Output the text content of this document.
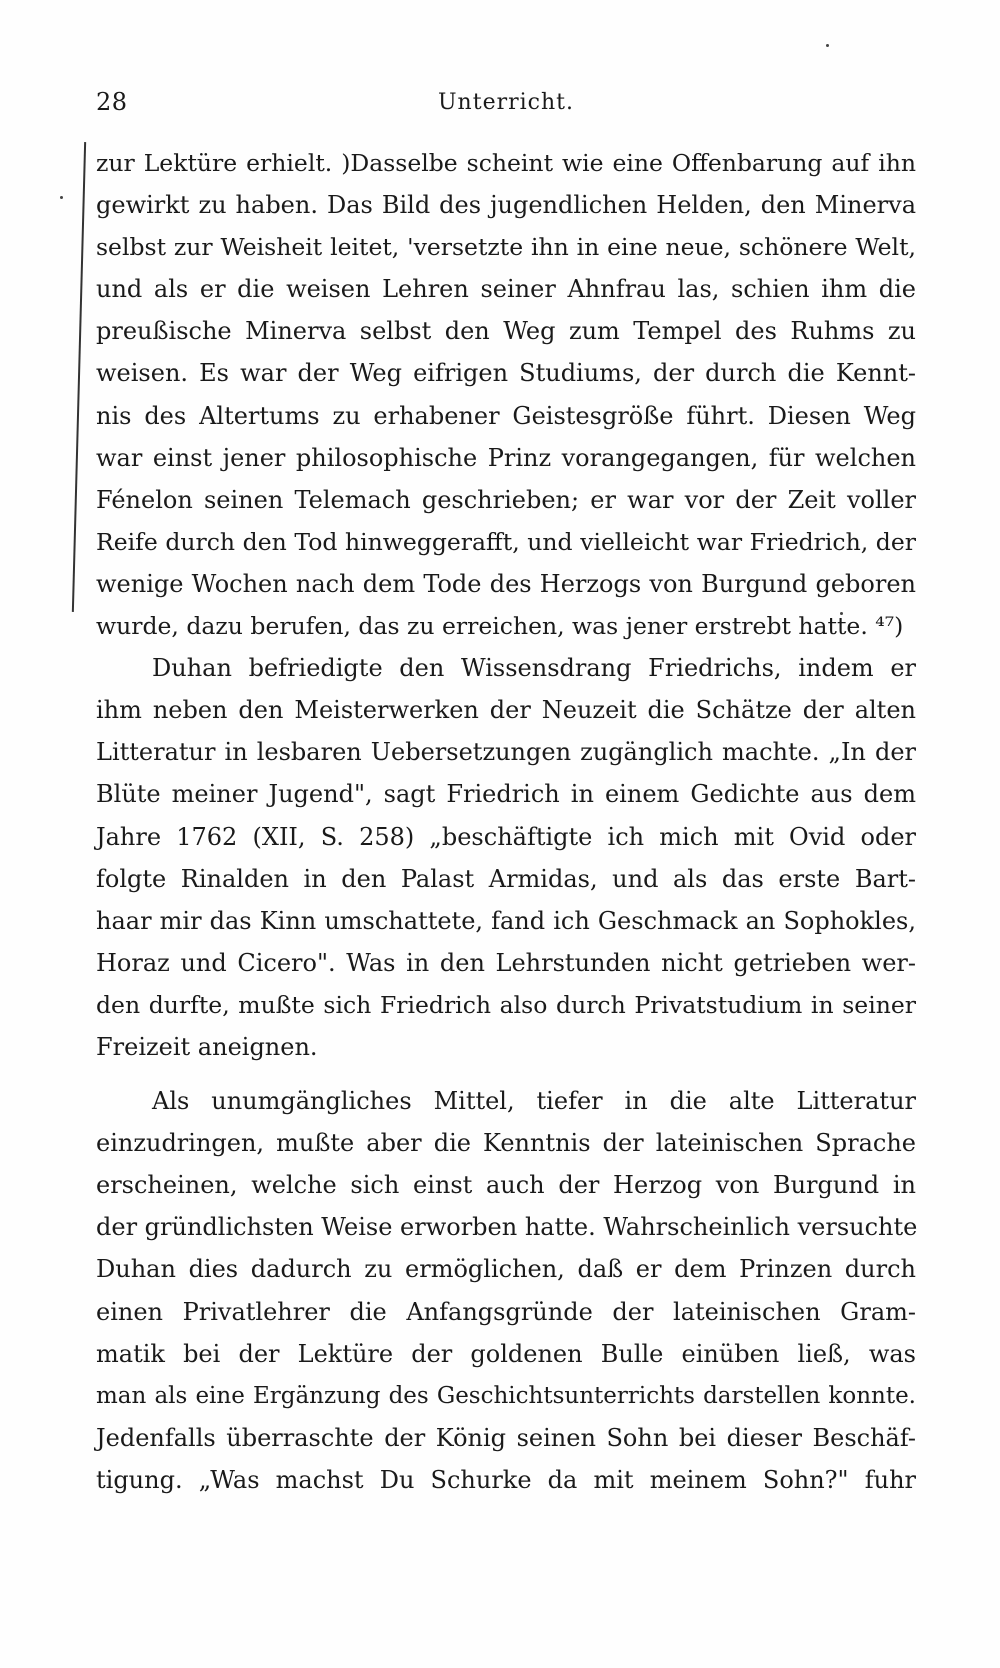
28	Unterricht.
zur Lektüre erhielt. )Dasselbe scheint wie eine Offenbarung auf ihn
gewirkt zu haben. Das Bild des jugendlichen Helden, den Minerva
selbst zur Weisheit leitet, 'versetzte ihn in eine neue, schönere Welt,
und als er die weisen Lehren seiner Ahnfrau las, schien ihm die
preußische Minerva selbst den Weg zum Tempel des Ruhms zu
weisen. Es war der Weg eifrigen Studiums, der durch die Kennt-
nis des Altertums zu erhabener Geistesgröße führt. Diesen Weg
war einst jener philosophische Prinz vorangegangen, für welchen
Fénelon seinen Telemach geschrieben; er war vor der Zeit voller
Reife durch den Tod hinweggerafft, und vielleicht war Friedrich, der
wenige Wochen nach dem Tode des Herzogs von Burgund geboren
wurde, dazu berufen, das zu erreichen, was jener erstrebt hatte. ⁴⁷)
Duhan befriedigte den Wissensdrang Friedrichs, indem er
ihm neben den Meisterwerken der Neuzeit die Schätze der alten
Litteratur in lesbaren Uebersetzungen zugänglich machte. „In der
Blüte meiner Jugend", sagt Friedrich in einem Gedichte aus dem
Jahre 1762 (XII, S. 258) „beschäftigte ich mich mit Ovid oder
folgte Rinalden in den Palast Armidas, und als das erste Bart-
haar mir das Kinn umschattete, fand ich Geschmack an Sophokles,
Horaz und Cicero". Was in den Lehrstunden nicht getrieben wer-
den durfte, mußte sich Friedrich also durch Privatstudium in seiner
Freizeit aneignen.
Als unumgängliches Mittel, tiefer in die alte Litteratur
einzudringen, mußte aber die Kenntnis der lateinischen Sprache
erscheinen, welche sich einst auch der Herzog von Burgund in
der gründlichsten Weise erworben hatte. Wahrscheinlich versuchte
Duhan dies dadurch zu ermöglichen, daß er dem Prinzen durch
einen Privatlehrer die Anfangsgründe der lateinischen Gram-
matik bei der Lektüre der goldenen Bulle einüben ließ, was
man als eine Ergänzung des Geschichtsunterrichts darstellen konnte.
Jedenfalls überraschte der König seinen Sohn bei dieser Beschäf-
tigung. „Was machst Du Schurke da mit meinem Sohn?" fuhr
